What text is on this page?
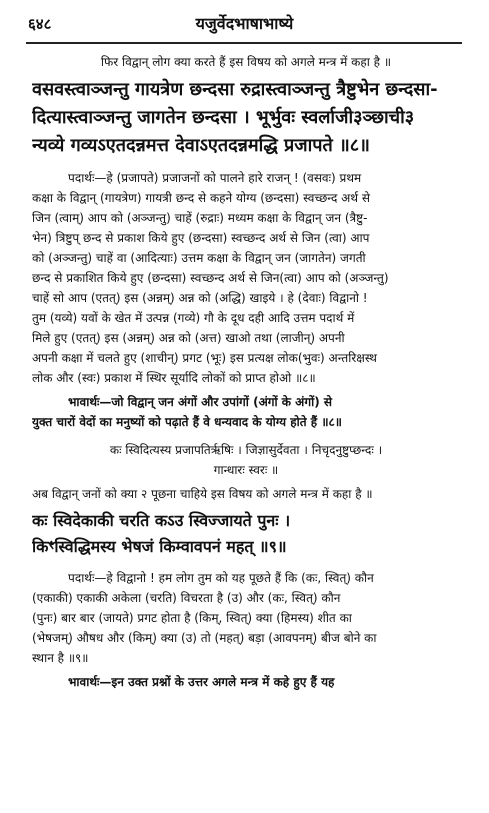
६४८	यजुर्वेदभाषाभाष्ये
फिर विद्वान् लोग क्या करते हैं इस विषय को अगले मन्त्र में कहा है ॥
वसवस्त्वाञ्जन्तु गायत्रेण छन्दसा रुद्रास्त्वाञ्जन्तु त्रैष्टुभेन छन्दसा-
दित्यास्त्वाञ्जन्तु जागतेन छन्दसा । भूर्भुवः स्वर्लाजी३ञ्छाची३
न्यव्ये गव्यऽएतदन्नमत्त देवाऽएतदन्नमद्धि प्रजापते ॥८॥
पदार्थः—हे (प्रजापते) प्रजाजनों को पालने हारे राजन् ! (वसवः) प्रथम
कक्षा के विद्वान् (गायत्रेण) गायत्री छन्द से कहने योग्य (छन्दसा) स्वच्छन्द अर्थ से
जिन (त्वाम्) आप को (अञ्जन्तु) चाहें (रुद्राः) मध्यम कक्षा के विद्वान् जन (त्रैष्टु-
भेन) त्रिष्टुप् छन्द से प्रकाश किये हुए (छन्दसा) स्वच्छन्द अर्थ से जिन (त्वा) आप
को (अञ्जन्तु) चाहें वा (आदित्याः) उत्तम कक्षा के विद्वान् जन (जागतेन) जगती
छन्द से प्रकाशित किये हुए (छन्दसा) स्वच्छन्द अर्थ से जिन(त्वा) आप को (अञ्जन्तु)
चाहें सो आप (एतत्) इस (अन्नम्) अन्न को (अद्धि) खाइये । हे (देवाः) विद्वानो !
तुम (यव्ये) यवों के खेत में उत्पन्न (गव्ये) गौ के दूध दही आदि उत्तम पदार्थ में
मिले हुए (एतत्) इस (अन्नम्) अन्न को (अत्त) खाओ तथा (लाजीन्) अपनी
अपनी कक्षा में चलते हुए (शाचीन्) प्रगट (भूः) इस प्रत्यक्ष लोक(भुवः) अन्तरिक्षस्थ
लोक और (स्वः) प्रकाश में स्थिर सूर्यादि लोकों को प्राप्त होओ ॥८॥
भावार्थः—जो विद्वान् जन अंगों और उपांगों (अंगों के अंगों) से
युक्त चारों वेदों का मनुष्यों को पढ़ाते हैं वे धन्यवाद के योग्य होते हैं ॥८॥
कः स्विदित्यस्य प्रजापतिर्ऋषिः । जिज्ञासुर्देवता । निचृदनुष्टुप्छन्दः ।
गान्धारः स्वरः ॥
अब विद्वान् जनों को क्या २ पूछना चाहिये इस विषय को अगले मन्त्र में कहा है ॥
कः स्विदेकाकी चरति कऽउ स्विज्जायते पुनः ।
किꣳस्विद्धिमस्य भेषजं किम्वावपनं महत् ॥९॥
पदार्थः—हे विद्वानो ! हम लोग तुम को यह पूछते हैं कि (कः, स्वित्) कौन
(एकाकी) एकाकी अकेला (चरति) विचरता है (उ) और (कः, स्वित्) कौन
(पुनः) बार बार (जायते) प्रगट होता है (किम्, स्वित्) क्या (हिमस्य) शीत का
(भेषजम्) औषध और (किम्) क्या (उ) तो (महत्) बड़ा (आवपनम्) बीज बोने का
स्थान है ॥९॥
भावार्थः—इन उक्त प्रश्नों के उत्तर अगले मन्त्र में कहे हुए हैं यह
